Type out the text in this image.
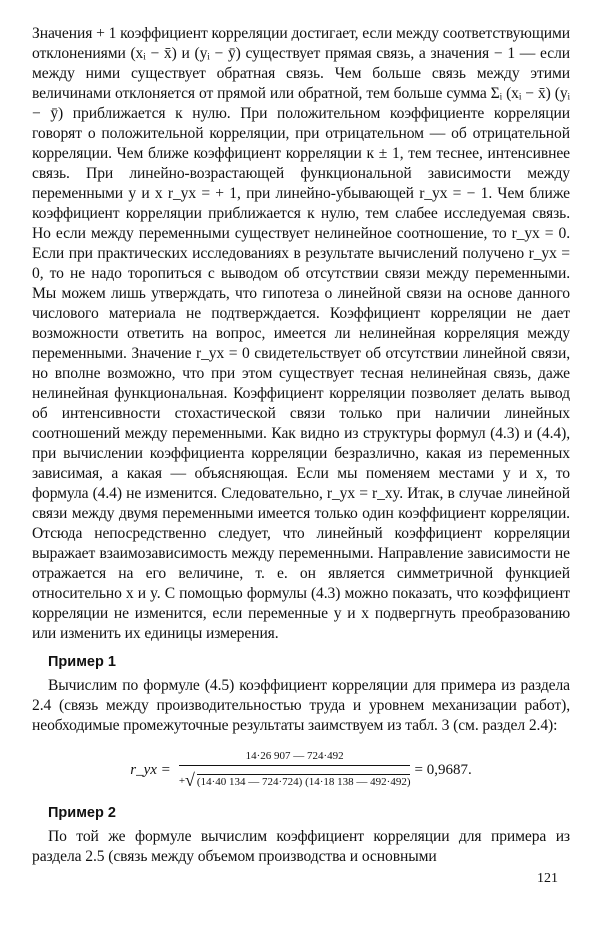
Значения + 1 коэффициент корреляции достигает, если между соответствующими отклонениями (xᵢ − x̄) и (yᵢ − ȳ) существует прямая связь, а значения − 1 — если между ними существует обратная связь. Чем больше связь между этими величинами отклоняется от прямой или обратной, тем больше сумма Σᵢ (xᵢ − x̄) (yᵢ − ȳ) приближается к нулю. При положительном коэффициенте корреляции говорят о положительной корреляции, при отрицательном — об отрицательной корреляции. Чем ближе коэффициент корреляции к ± 1, тем теснее, интенсивнее связь. При линейно-возрастающей функциональной зависимости между переменными y и x r_yx = + 1, при линейно-убывающей r_yx = − 1. Чем ближе коэффициент корреляции приближается к нулю, тем слабее исследуемая связь. Но если между переменными существует нелинейное соотношение, то r_yx = 0. Если при практических исследованиях в результате вычислений получено r_yx = 0, то не надо торопиться с выводом об отсутствии связи между переменными. Мы можем лишь утверждать, что гипотеза о линейной связи на основе данного числового материала не подтверждается. Коэффициент корреляции не дает возможности ответить на вопрос, имеется ли нелинейная корреляция между переменными. Значение r_yx = 0 свидетельствует об отсутствии линейной связи, но вполне возможно, что при этом существует тесная нелинейная связь, даже нелинейная функциональная. Коэффициент корреляции позволяет делать вывод об интенсивности стохастической связи только при наличии линейных соотношений между переменными. Как видно из структуры формул (4.3) и (4.4), при вычислении коэффициента корреляции безразлично, какая из переменных зависимая, а какая — объясняющая. Если мы поменяем местами y и x, то формула (4.4) не изменится. Следовательно, r_yx = r_xy. Итак, в случае линейной связи между двумя переменными имеется только один коэффициент корреляции. Отсюда непосредственно следует, что линейный коэффициент корреляции выражает взаимозависимость между переменными. Направление зависимости не отражается на его величине, т. е. он является симметричной функцией относительно x и y. С помощью формулы (4.3) можно показать, что коэффициент корреляции не изменится, если переменные y и x подвергнуть преобразованию или изменить их единицы измерения.

Пример 1

Вычислим по формуле (4.5) коэффициент корреляции для примера из раздела 2.4 (связь между производительностью труда и уровнем механизации работ), необходимые промежуточные результаты заимствуем из табл. 3 (см. раздел 2.4):

r_yx =
14·26 907 — 724·492
+ √ (14·40 134 — 724·724) (14·18 138 — 492·492)
= 0,9687.
Пример 2

По той же формуле вычислим коэффициент корреляции для примера из раздела 2.5 (связь между объемом производства и основными

121
